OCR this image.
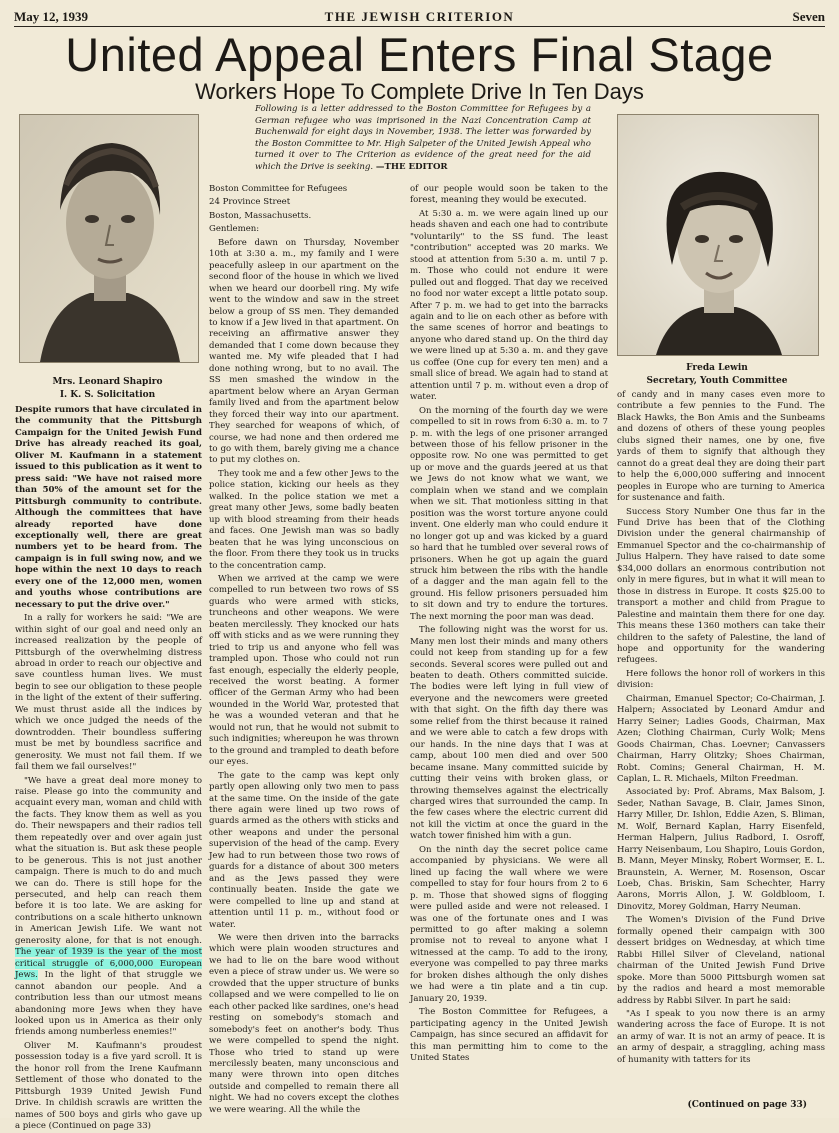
May 12, 1939	THE JEWISH CRITERION	Seven
United Appeal Enters Final Stage
Workers Hope To Complete Drive In Ten Days
Following is a letter addressed to the Boston Committee for Refugees by a German refugee who was imprisoned in the Nazi Concentration Camp at Buchenwald for eight days in November, 1938. The letter was forwarded by the Boston Committee to Mr. High Salpeter of the United Jewish Appeal who turned it over to The Criterion as evidence of the great need for the aid which the Drive is seeking. —THE EDITOR
Mrs. Leonard Shapiro
I. K. S. Solicitation
Freda Lewin
Secretary, Youth Committee

Despite rumors that have circulated in the community that the Pittsburgh Campaign for the United Jewish Fund Drive has already reached its goal, Oliver M. Kaufmann in a statement issued to this publication as it went to press said: "We have not raised more than 50% of the amount set for the Pittsburgh community to contribute. Although the committees that have already reported have done exceptionally well, there are great numbers yet to be heard from. The campaign is in full swing now, and we hope within the next 10 days to reach every one of the 12,000 men, women and youths whose contributions are necessary to put the drive over."

In a rally for workers he said: "We are within sight of our goal and need only an increased realization by the people of Pittsburgh of the overwhelming distress abroad in order to reach our objective and save countless human lives. We must begin to see our obligation to these people in the light of the extent of their suffering. We must thrust aside all the indices by which we once judged the needs of the downtrodden. Their boundless suffering must be met by boundless sacrifice and generosity. We must not fail them. If we fail them we fail ourselves!"

"We have a great deal more money to raise. Please go into the community and acquaint every man, woman and child with the facts. They know them as well as you do. Their newspapers and their radios tell them repeatedly over and over again just what the situation is. But ask these people to be generous. This is not just another campaign. There is much to do and much we can do. There is still hope for the persecuted, and help can reach them before it is too late. We are asking for contributions on a scale hitherto unknown in American Jewish Life. We want not generosity alone, for that is not enough. The year of 1939 is the year of the most critical struggle of 6,000,000 European Jews. In the light of that struggle we cannot abandon our people. And a contribution less than our utmost means abandoning more Jews when they have looked upon us in America as their only friends among numberless enemies!"

Oliver M. Kaufmann's proudest possession today is a five yard scroll. It is the honor roll from the Irene Kaufmann Settlement of those who donated to the Pittsburgh 1939 United Jewish Fund Drive. In childish scrawls are written the names of 500 boys and girls who gave up a piece (Continued on page 33)

Boston Committee for Refugees

24 Province Street

Boston, Massachusetts.

Gentlemen:

Before dawn on Thursday, November 10th at 3:30 a. m., my family and I were peacefully asleep in our apartment on the second floor of the house in which we lived when we heard our doorbell ring. My wife went to the window and saw in the street below a group of SS men. They demanded to know if a Jew lived in that apartment. On receiving an affirmative answer they demanded that I come down because they wanted me. My wife pleaded that I had done nothing wrong, but to no avail. The SS men smashed the window in the apartment below where an Aryan German family lived and from the apartment below they forced their way into our apartment. They searched for weapons of which, of course, we had none and then ordered me to go with them, barely giving me a chance to put my clothes on.

They took me and a few other Jews to the police station, kicking our heels as they walked. In the police station we met a great many other Jews, some badly beaten up with blood streaming from their heads and faces. One Jewish man was so badly beaten that he was lying unconscious on the floor. From there they took us in trucks to the concentration camp.

When we arrived at the camp we were compelled to run between two rows of SS guards who were armed with sticks, truncheons and other weapons. We were beaten mercilessly. They knocked our hats off with sticks and as we were running they tried to trip us and anyone who fell was trampled upon. Those who could not run fast enough, especially the elderly people, received the worst beating. A former officer of the German Army who had been wounded in the World War, protested that he was a wounded veteran and that he would not run, that he would not submit to such indignities; whereupon he was thrown to the ground and trampled to death before our eyes.

The gate to the camp was kept only partly open allowing only two men to pass at the same time. On the inside of the gate there again were lined up two rows of guards armed as the others with sticks and other weapons and under the personal supervision of the head of the camp. Every Jew had to run between those two rows of guards for a distance of about 300 meters and as the Jews passed they were continually beaten. Inside the gate we were compelled to line up and stand at attention until 11 p. m., without food or water.

We were then driven into the barracks which were plain wooden structures and we had to lie on the bare wood without even a piece of straw under us. We were so crowded that the upper structure of bunks collapsed and we were compelled to lie on each other packed like sardines, one's head resting on somebody's stomach and somebody's feet on another's body. Thus we were compelled to spend the night. Those who tried to stand up were mercilessly beaten, many unconscious and many were thrown into open ditches outside and compelled to remain there all night. We had no covers except the clothes we were wearing. All the while the

of our people would soon be taken to the forest, meaning they would be executed.

At 5:30 a. m. we were again lined up our heads shaven and each one had to contribute "voluntarily" to the SS fund. The least "contribution" accepted was 20 marks. We stood at attention from 5:30 a. m. until 7 p. m. Those who could not endure it were pulled out and flogged. That day we received no food nor water except a little potato soup. After 7 p. m. we had to get into the barracks again and to lie on each other as before with the same scenes of horror and beatings to anyone who dared stand up. On the third day we were lined up at 5:30 a. m. and they gave us coffee (One cup for every ten men) and a small slice of bread. We again had to stand at attention until 7 p. m. without even a drop of water.

On the morning of the fourth day we were compelled to sit in rows from 6:30 a. m. to 7 p. m. with the legs of one prisoner arranged between those of his fellow prisoner in the opposite row. No one was permitted to get up or move and the guards jeered at us that we Jews do not know what we want, we complain when we stand and we complain when we sit. That motionless sitting in that position was the worst torture anyone could invent. One elderly man who could endure it no longer got up and was kicked by a guard so hard that he tumbled over several rows of prisoners. When he got up again the guard struck him between the ribs with the handle of a dagger and the man again fell to the ground. His fellow prisoners persuaded him to sit down and try to endure the tortures. The next morning the poor man was dead.

The following night was the worst for us. Many men lost their minds and many others could not keep from standing up for a few seconds. Several scores were pulled out and beaten to death. Others committed suicide. The bodies were left lying in full view of everyone and the newcomers were greeted with that sight. On the fifth day there was some relief from the thirst because it rained and we were able to catch a few drops with our hands. In the nine days that I was at camp, about 100 men died and over 500 became insane. Many committed suicide by cutting their veins with broken glass, or throwing themselves against the electrically charged wires that surrounded the camp. In the few cases where the electric current did not kill the victim at once the guard in the watch tower finished him with a gun.

On the ninth day the secret police came accompanied by physicians. We were all lined up facing the wall where we were compelled to stay for four hours from 2 to 6 p. m. Those that showed signs of flogging were pulled aside and were not released. I was one of the fortunate ones and I was permitted to go after making a solemn promise not to reveal to anyone what I witnessed at the camp. To add to the irony, everyone was compelled to pay three marks for broken dishes although the only dishes we had were a tin plate and a tin cup. January 20, 1939.

The Boston Committee for Refugees, a participating agency in the United Jewish Campaign, has since secured an affidavit for this man permitting him to come to the United States

of candy and in many cases even more to contribute a few pennies to the Fund. The Black Hawks, the Bon Amis and the Sunbeams and dozens of others of these young peoples clubs signed their names, one by one, five yards of them to signify that although they cannot do a great deal they are doing their part to help the 6,000,000 suffering and innocent peoples in Europe who are turning to America for sustenance and faith.

Success Story Number One thus far in the Fund Drive has been that of the Clothing Division under the general chairmanship of Emmanuel Spector and the co-chairmanship of Julius Halpern. They have raised to date some $34,000 dollars an enormous contribution not only in mere figures, but in what it will mean to those in distress in Europe. It costs $25.00 to transport a mother and child from Prague to Palestine and maintain them there for one day. This means these 1360 mothers can take their children to the safety of Palestine, the land of hope and opportunity for the wandering refugees.

Here follows the honor roll of workers in this division:

Chairman, Emanuel Spector; Co-Chairman, J. Halpern; Associated by Leonard Amdur and Harry Seiner; Ladies Goods, Chairman, Max Azen; Clothing Chairman, Curly Wolk; Mens Goods Chairman, Chas. Loevner; Canvassers Chairman, Harry Olitzky; Shoes Chairman, Robt. Comins; General Chairman, H. M. Caplan, L. R. Michaels, Milton Freedman.

Associated by: Prof. Abrams, Max Balsom, J. Seder, Nathan Savage, B. Clair, James Sinon, Harry Miller, Dr. Ishlon, Eddie Azen, S. Bliman, M. Wolf, Bernard Kaplan, Harry Eisenfeld, Herman Halpern, Julius Radbord, I. Osroff, Harry Neisenbaum, Lou Shapiro, Louis Gordon, B. Mann, Meyer Minsky, Robert Wormser, E. L. Braunstein, A. Werner, M. Rosenson, Oscar Loeb, Chas. Briskin, Sam Schechter, Harry Aarons, Morris Allon, J. W. Goldbloom, I. Dinovitz, Morey Goldman, Harry Neuman.

The Women's Division of the Fund Drive formally opened their campaign with 300 dessert bridges on Wednesday, at which time Rabbi Hillel Silver of Cleveland, national chairman of the United Jewish Fund Drive spoke. More than 5000 Pittsburgh women sat by the radios and heard a most memorable address by Rabbi Silver. In part he said:

"As I speak to you now there is an army wandering across the face of Europe. It is not an army of war. It is not an army of peace. It is an army of despair, a straggling, aching mass of humanity with tatters for its

(Continued on page 33)
